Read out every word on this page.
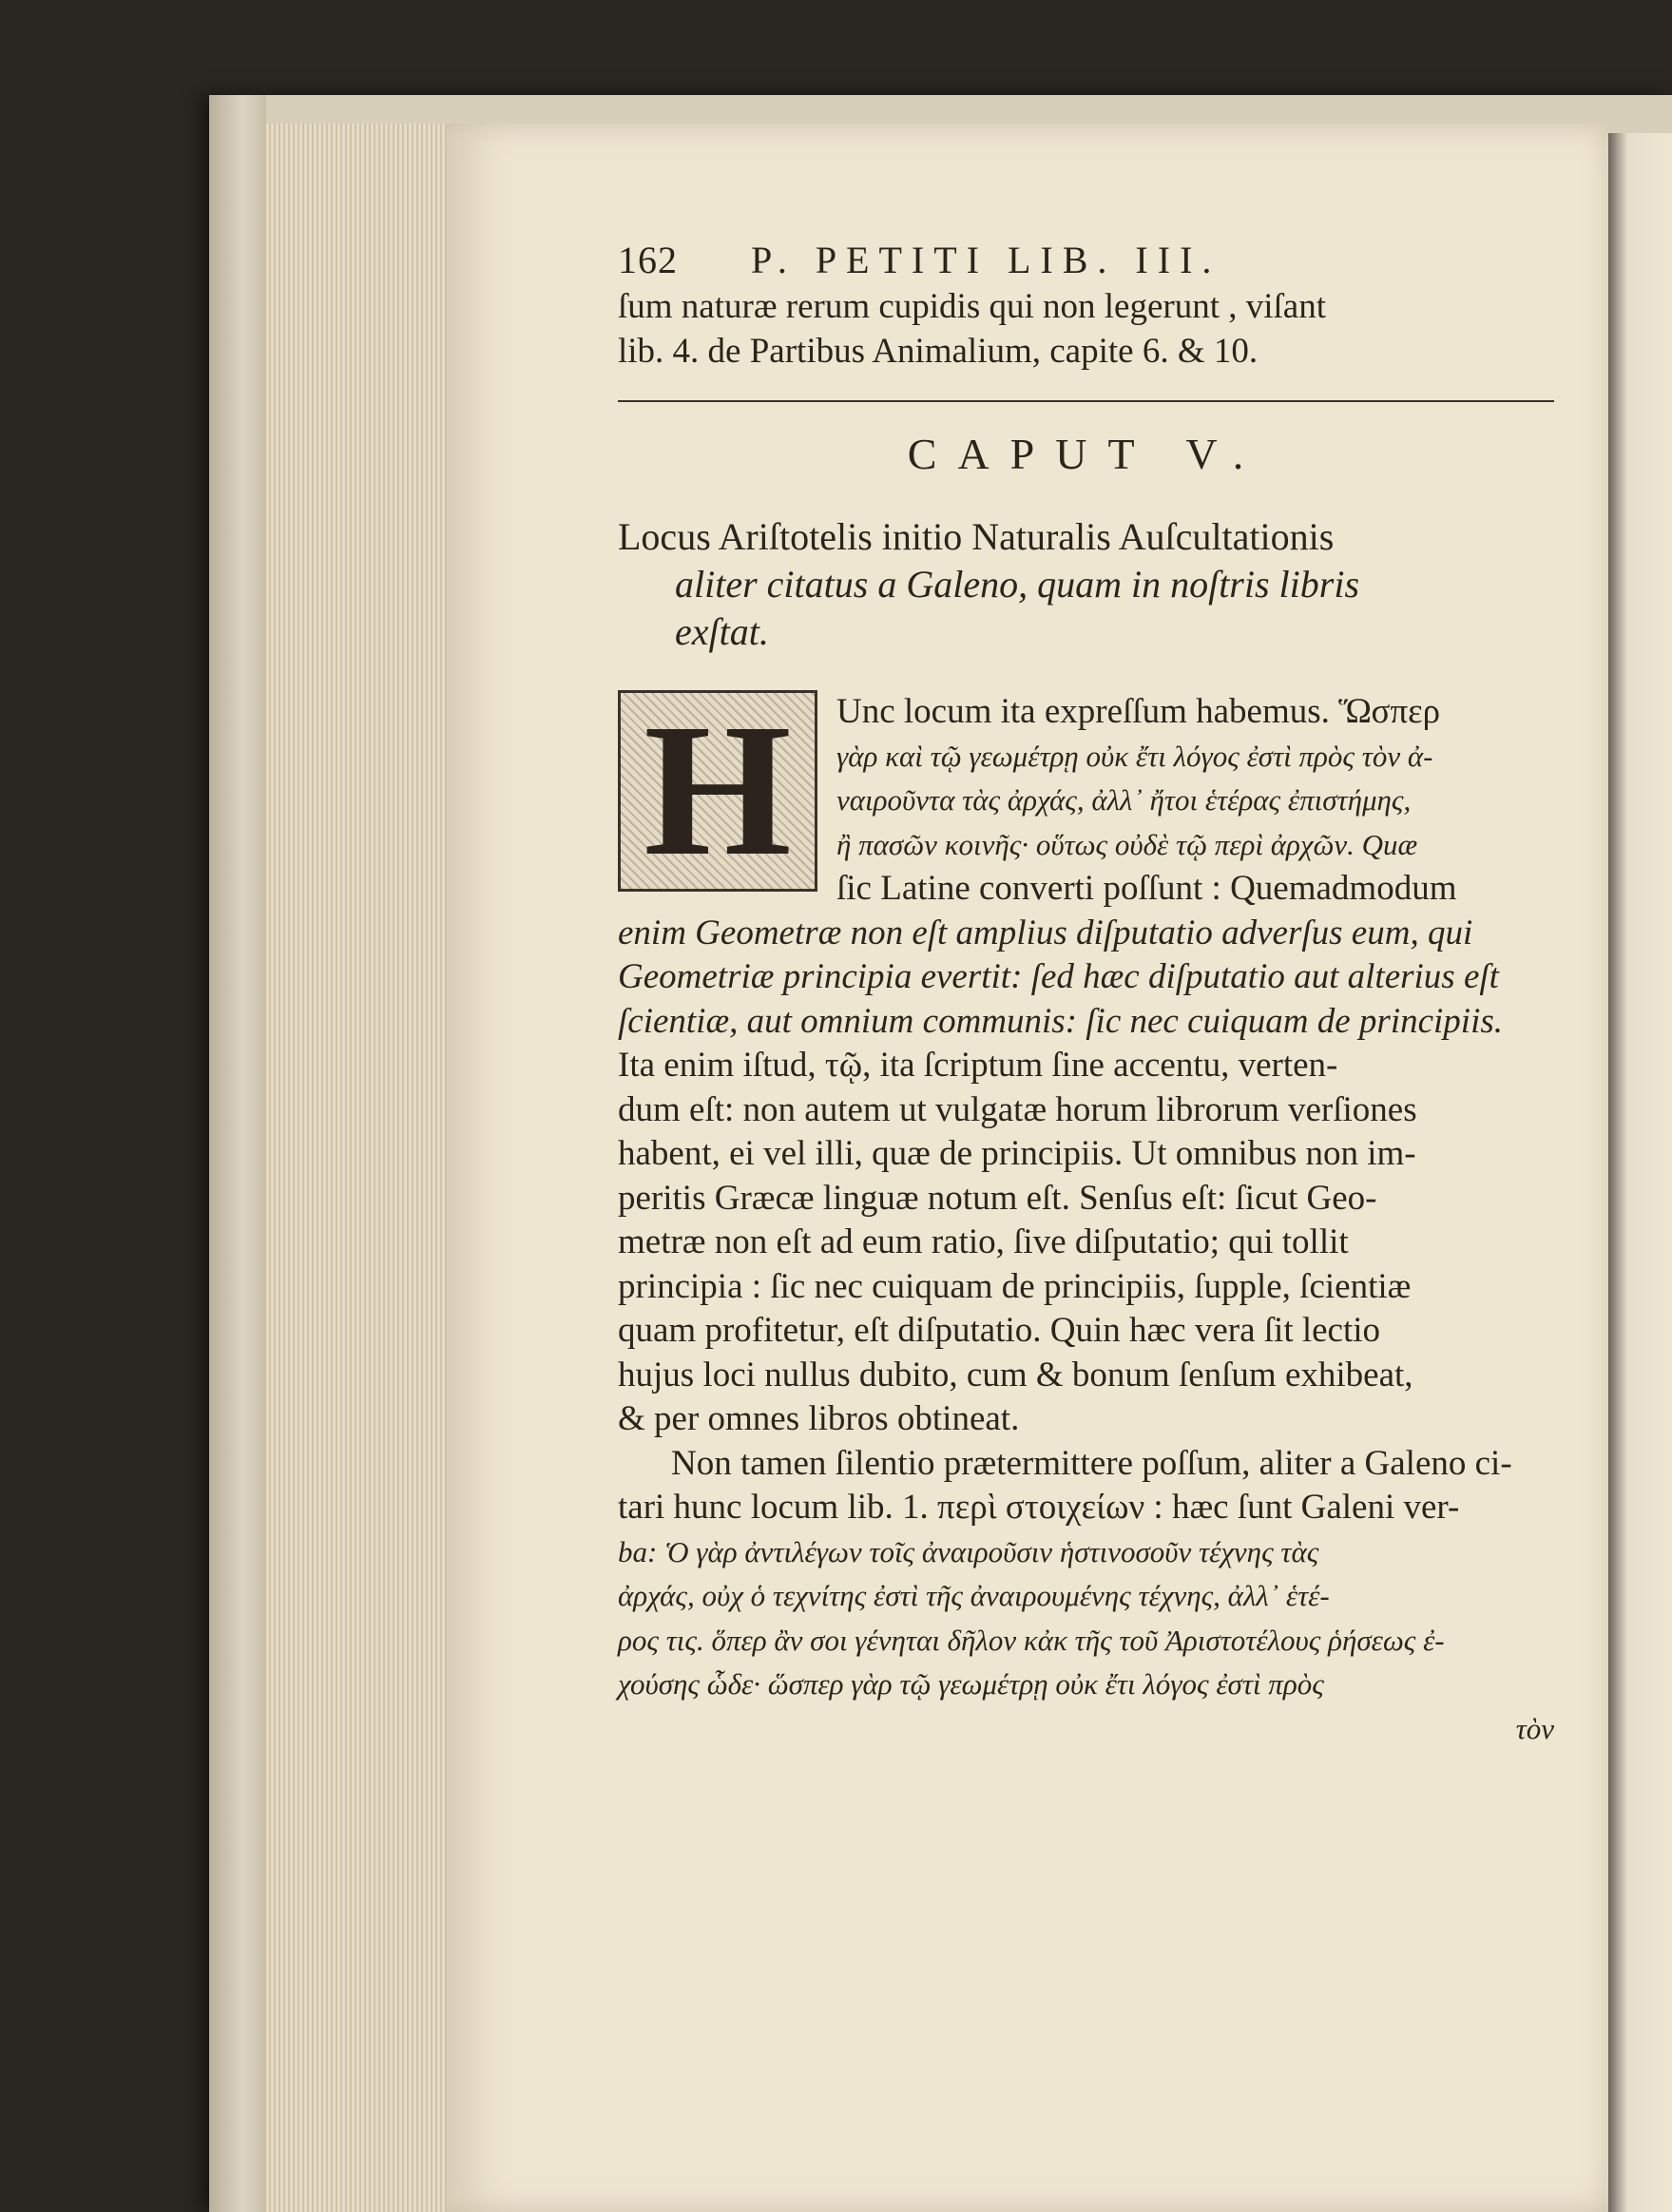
162	P. PETITI LIB. III.
ſum naturæ rerum cupidis qui non legerunt , viſant
lib. 4. de Partibus Animalium, capite 6. & 10.
CAPUT V.
Locus Ariſtotelis initio Naturalis Auſcultationis
aliter citatus a Galeno, quam in noſtris libris
exſtat.
H	Unc locum ita expreſſum habemus. Ὥσπερ
γὰρ καὶ τῷ γεωμέτρῃ οὐκ ἔτι λόγος ἐστὶ πρὸς τὸν ἀ-
ναιροῦντα τὰς ἀρχάς, ἀλλ᾽ ἤτοι ἑτέρας ἐπιστήμης,
ἢ πασῶν κοινῆς· οὕτως οὐδὲ τῷ περὶ ἀρχῶν. Quæ
ſic Latine converti poſſunt : Quemadmodum
enim Geometræ non eſt amplius diſputatio adverſus eum, qui
Geometriæ principia evertit: ſed hæc diſputatio aut alterius eſt
ſcientiæ, aut omnium communis: ſic nec cuiquam de principiis.
Ita enim iſtud, τῷ, ita ſcriptum ſine accentu, verten-
dum eſt: non autem ut vulgatæ horum librorum verſiones
habent, ei vel illi, quæ de principiis. Ut omnibus non im-
peritis Græcæ linguæ notum eſt. Senſus eſt: ſicut Geo-
metræ non eſt ad eum ratio, ſive diſputatio; qui tollit
principia : ſic nec cuiquam de principiis, ſupple, ſcientiæ
quam profitetur, eſt diſputatio. Quin hæc vera ſit lectio
hujus loci nullus dubito, cum & bonum ſenſum exhibeat,
& per omnes libros obtineat.
Non tamen ſilentio prætermittere poſſum, aliter a Galeno ci-
tari hunc locum lib. 1. περὶ στοιχείων : hæc ſunt Galeni ver-
ba: Ὁ γὰρ ἀντιλέγων τοῖς ἀναιροῦσιν ἡστινοσοῦν τέχνης τὰς
ἀρχάς, οὐχ ὁ τεχνίτης ἐστὶ τῆς ἀναιρουμένης τέχνης, ἀλλ᾽ ἑτέ-
ρος τις. ὅπερ ἂν σοι γένηται δῆλον κἀκ τῆς τοῦ Ἀριστοτέλους ῥήσεως ἐ-
χούσης ὧδε· ὥσπερ γὰρ τῷ γεωμέτρῃ οὐκ ἔτι λόγος ἐστὶ πρὸς
τὸν
